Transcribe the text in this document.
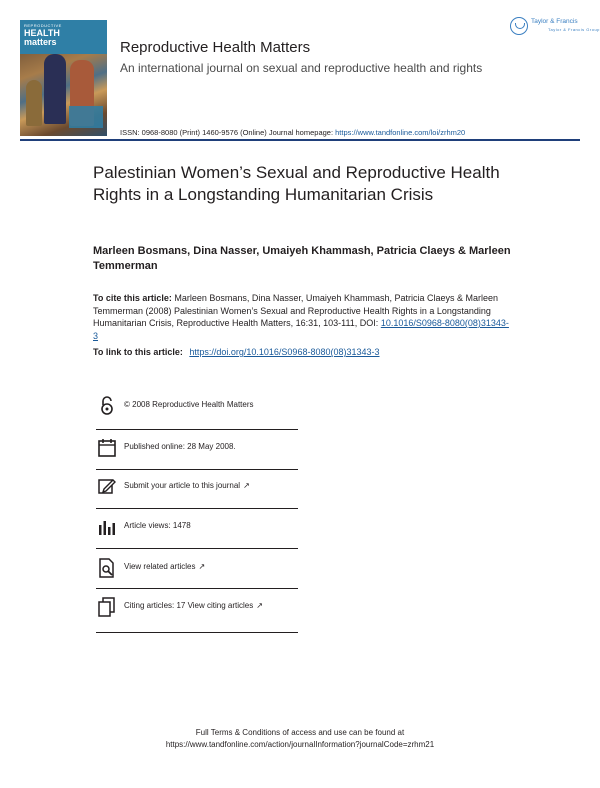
REPRODUCTIVE
HEALTH
matters	Reproductive Health Matters
An international journal on sexual and reproductive health and rights
ISSN: 0968-8080 (Print) 1460-9576 (Online) Journal homepage: https://www.tandfonline.com/loi/zrhm20
Taylor & Francis
Taylor & Francis Group
Palestinian Women’s Sexual and Reproductive Health Rights in a Longstanding Humanitarian Crisis
Marleen Bosmans, Dina Nasser, Umaiyeh Khammash, Patricia Claeys & Marleen Temmerman
To cite this article: Marleen Bosmans, Dina Nasser, Umaiyeh Khammash, Patricia Claeys & Marleen Temmerman (2008) Palestinian Women’s Sexual and Reproductive Health Rights in a Longstanding Humanitarian Crisis, Reproductive Health Matters, 16:31, 103-111, DOI: 10.1016/S0968-8080(08)31343-3
To link to this article: https://doi.org/10.1016/S0968-8080(08)31343-3
© 2008 Reproductive Health Matters
Published online: 28 May 2008.
Submit your article to this journal ↗
Article views: 1478
View related articles ↗
Citing articles: 17 View citing articles ↗
Full Terms & Conditions of access and use can be found at
https://www.tandfonline.com/action/journalInformation?journalCode=zrhm21
